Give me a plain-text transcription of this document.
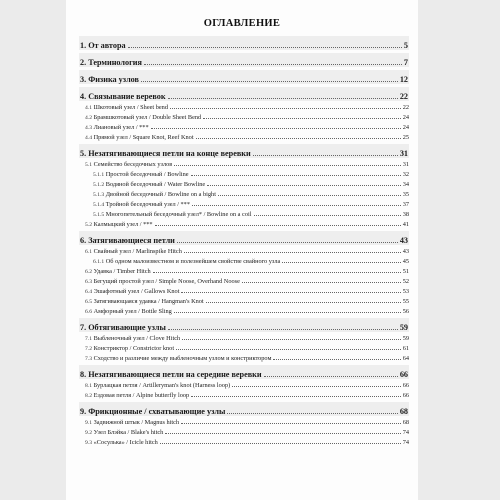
ОГЛАВЛЕНИЕ
1. От автора	5
2. Терминология	7
3. Физика узлов	12
4. Связывание веревок	22
4.1 Шкотовый узел / Sheet bend	22
4.2 Брамшкотовый узел / Double Sheet Bend	24
4.3 Лиановый узел / ***	24
4.4 Прямой узел / Square Knot, Reef Knot	25
5. Незатягивающиеся петли на конце веревки	31
5.1 Семейство беседочных узлов	31
5.1.1 Простой беседочный / Bowline	32
5.1.2 Водяной беседочный / Water Bowline	34
5.1.3 Двойной беседочный / Bowline on a bight	35
5.1.4 Тройной беседочный узел / ***	37
5.1.5 Многопетельный беседочный узел* / Bowline on a coil	38
5.2 Калмыцкий узел / ***	41
6. Затягивающиеся петли	43
6.1 Свайный узел / Marlinspike Hitch	43
6.1.1 Об одном малоизвестном и полезнейшем свойстве свайного узла	45
6.2 Удавка / Timber Hitch	51
6.3 Бегущий простой узел / Simple Noose, Overhand Noose	52
6.4 Эшафотный узел / Gallows Knot	53
6.5 Затягивающаяся удавка / Hangman's Knot	55
6.6 Амфорный узел / Bottle Sling	56
7. Обтягивающие узлы	59
7.1 Выбленочный узел / Clove Hitch	59
7.2 Констриктор / Constrictor knot	61
7.3 Сходство и различие между выбленочным узлом и констриктором	64
8. Незатягивающиеся петли на середине веревки	66
8.1 Бурлацкая петля / Artilleryman's knot (Harness loop)	66
8.2 Ездовая петля / Alpine butterfly loop	66
9. Фрикционные / схватывающие узлы	68
9.1 Задвижной штык / Magnus hitch	68
9.2 Узел Блэйка / Blake's hitch	74
9.3 «Сосулька» / Icicle hitch	74
